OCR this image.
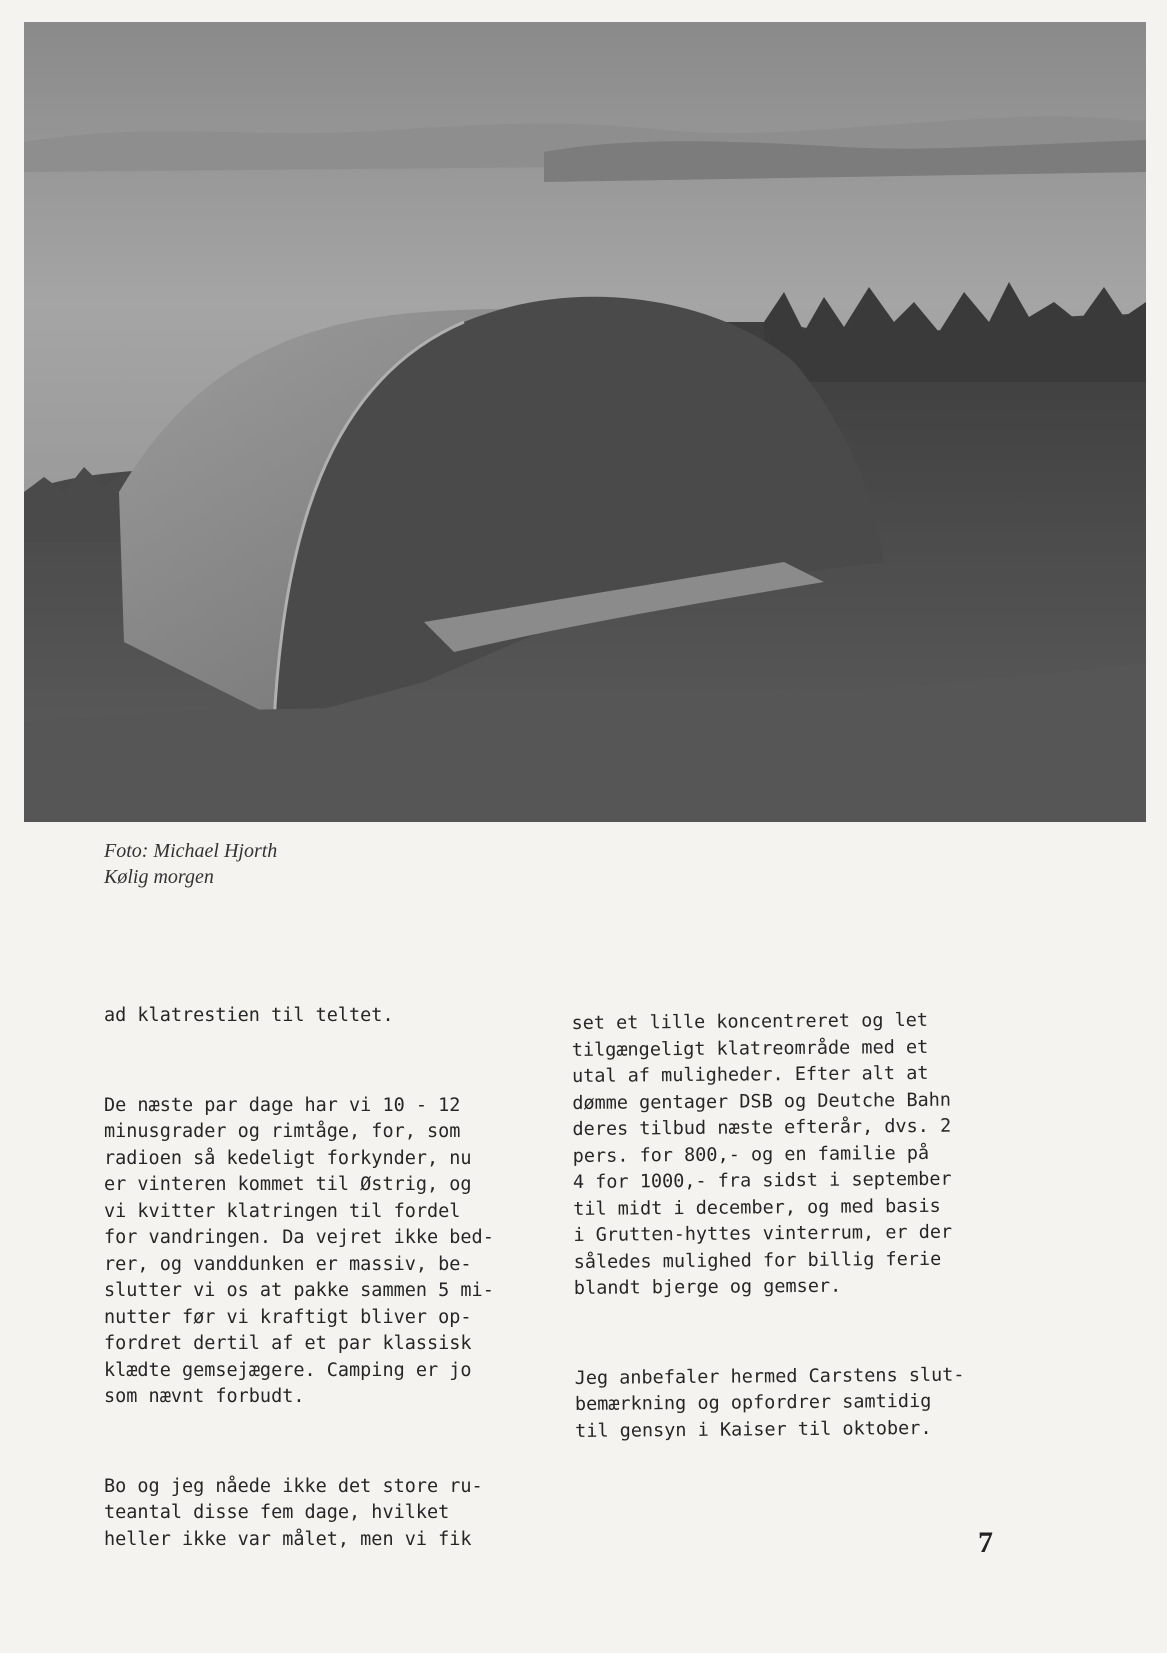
Foto: Michael Hjorth
Kølig morgen

ad klatrestien til teltet.

De næste par dage har vi 10 - 12
minusgrader og rimtåge, for, som
radioen så kedeligt forkynder, nu
er vinteren kommet til Østrig, og
vi kvitter klatringen til fordel
for vandringen. Da vejret ikke bed-
rer, og vanddunken er massiv, be-
slutter vi os at pakke sammen 5 mi-
nutter før vi kraftigt bliver op-
fordret dertil af et par klassisk
klædte gemsejægere. Camping er jo
som nævnt forbudt.

Bo og jeg nåede ikke det store ru-
teantal disse fem dage, hvilket
heller ikke var målet, men vi fik

set et lille koncentreret og let
tilgængeligt klatreområde med et
utal af muligheder. Efter alt at
dømme gentager DSB og Deutche Bahn
deres tilbud næste efterår, dvs. 2
pers. for 800,- og en familie på
4 for 1000,- fra sidst i september
til midt i december, og med basis
i Grutten-hyttes vinterrum, er der
således mulighed for billig ferie
blandt bjerge og gemser.

Jeg anbefaler hermed Carstens slut-
bemærkning og opfordrer samtidig
til gensyn i Kaiser til oktober.

7
